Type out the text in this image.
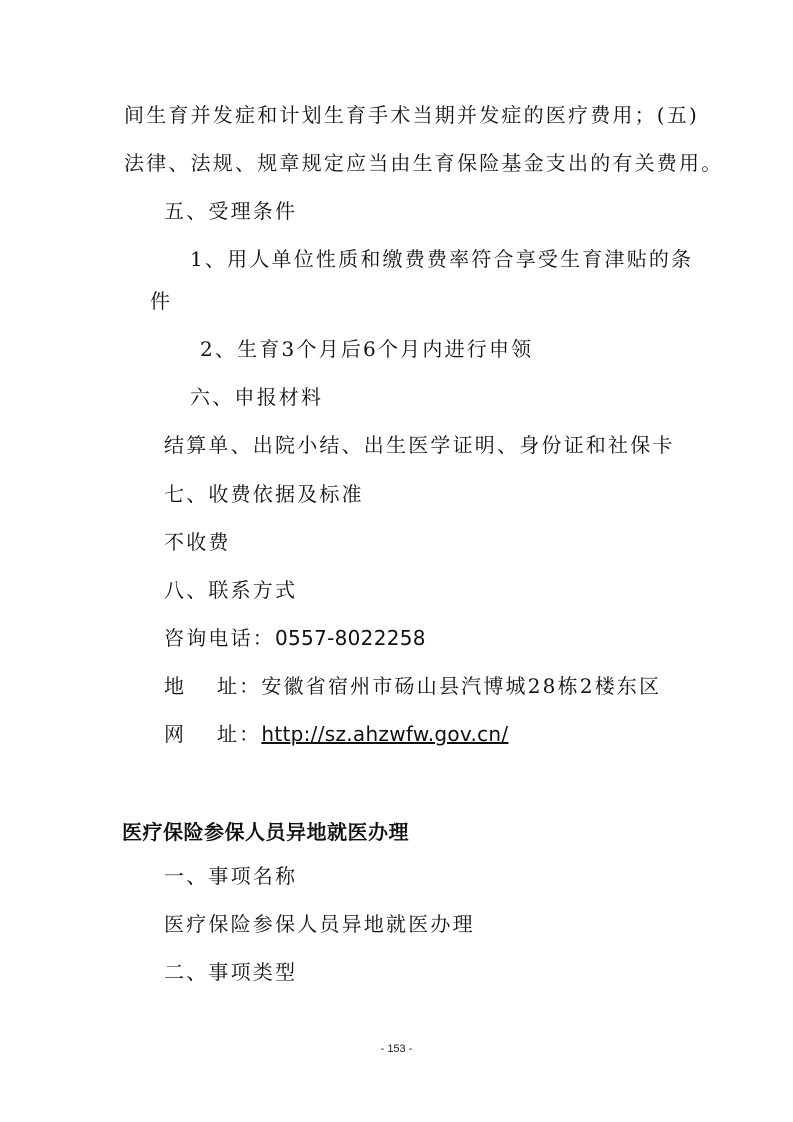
间生育并发症和计划生育手术当期并发症的医疗费用；(五)
法律、法规、规章规定应当由生育保险基金支出的有关费用。
五、受理条件
1、用人单位性质和缴费费率符合享受生育津贴的条
件
2、生育3个月后6个月内进行申领
六、申报材料
结算单、出院小结、出生医学证明、身份证和社保卡
七、收费依据及标准
不收费
八、联系方式
咨询电话：0557-8022258
地　 址：安徽省宿州市砀山县汽博城28栋2楼东区
网　 址：http://sz.ahzwfw.gov.cn/
医疗保险参保人员异地就医办理
一、事项名称
医疗保险参保人员异地就医办理
二、事项类型
- 153 -
